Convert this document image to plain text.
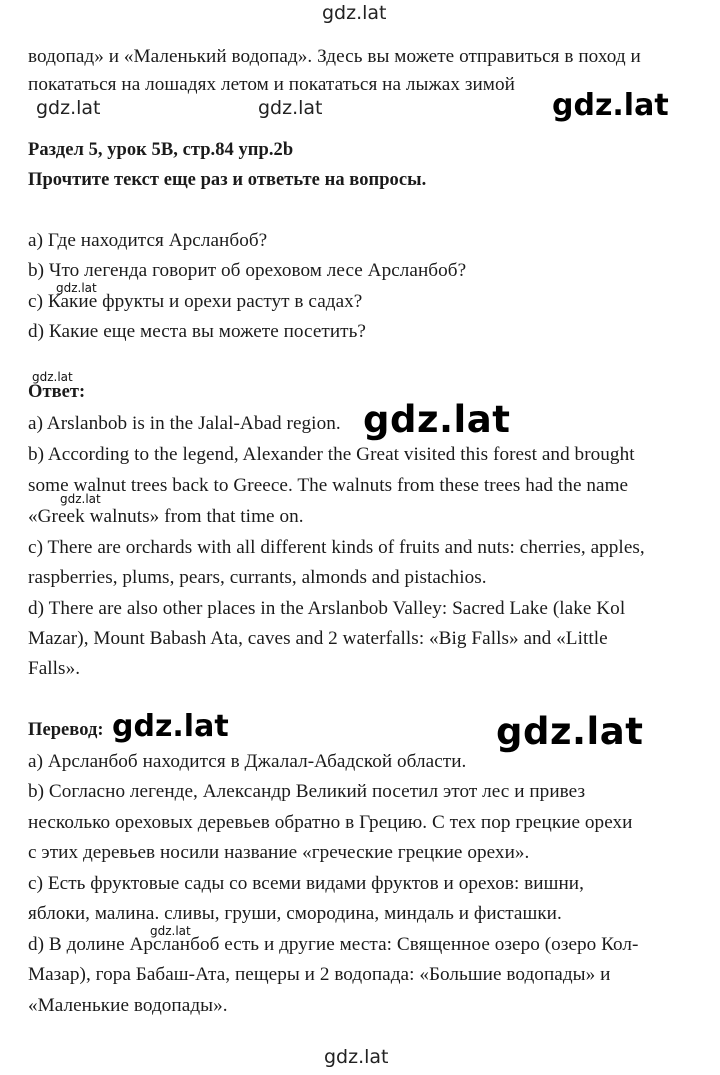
gdz.lat
gdz.lat	gdz.lat	gdz.lat
gdz.lat
gdz.lat
gdz.lat
gdz.lat
gdz.lat	gdz.lat
gdz.lat
gdz.lat
водопад» и «Маленький водопад». Здесь вы можете отправиться в поход и
покататься на лошадях летом и покататься на лыжах зимой
Раздел 5, урок 5В, стр.84 упр.2b
Прочтите текст еще раз и ответьте на вопросы.
a) Где находится Арсланбоб?
b) Что легенда говорит об ореховом лесе Арсланбоб?
c) Какие фрукты и орехи растут в садах?
d) Какие еще места вы можете посетить?
Ответ:
a) Arslanbob is in the Jalal-Abad region.
b) According to the legend, Alexander the Great visited this forest and brought
some walnut trees back to Greece. The walnuts from these trees had the name
«Greek walnuts» from that time on.
c) There are orchards with all different kinds of fruits and nuts: cherries, apples,
raspberries, plums, pears, currants, almonds and pistachios.
d) There are also other places in the Arslanbob Valley: Sacred Lake (lake Kol
Mazar), Mount Babash Ata, caves and 2 waterfalls: «Big Falls» and «Little
Falls».
Перевод:
a) Арсланбоб находится в Джалал-Абадской области.
b) Согласно легенде, Александр Великий посетил этот лес и привез
несколько ореховых деревьев обратно в Грецию. С тех пор грецкие орехи
с этих деревьев носили название «греческие грецкие орехи».
c) Есть фруктовые сады со всеми видами фруктов и орехов: вишни,
яблоки, малина. сливы, груши, смородина, миндаль и фисташки.
d) В долине Арсланбоб есть и другие места: Священное озеро (озеро Кол-
Мазар), гора Бабаш-Ата, пещеры и 2 водопада: «Большие водопады» и
«Маленькие водопады».
